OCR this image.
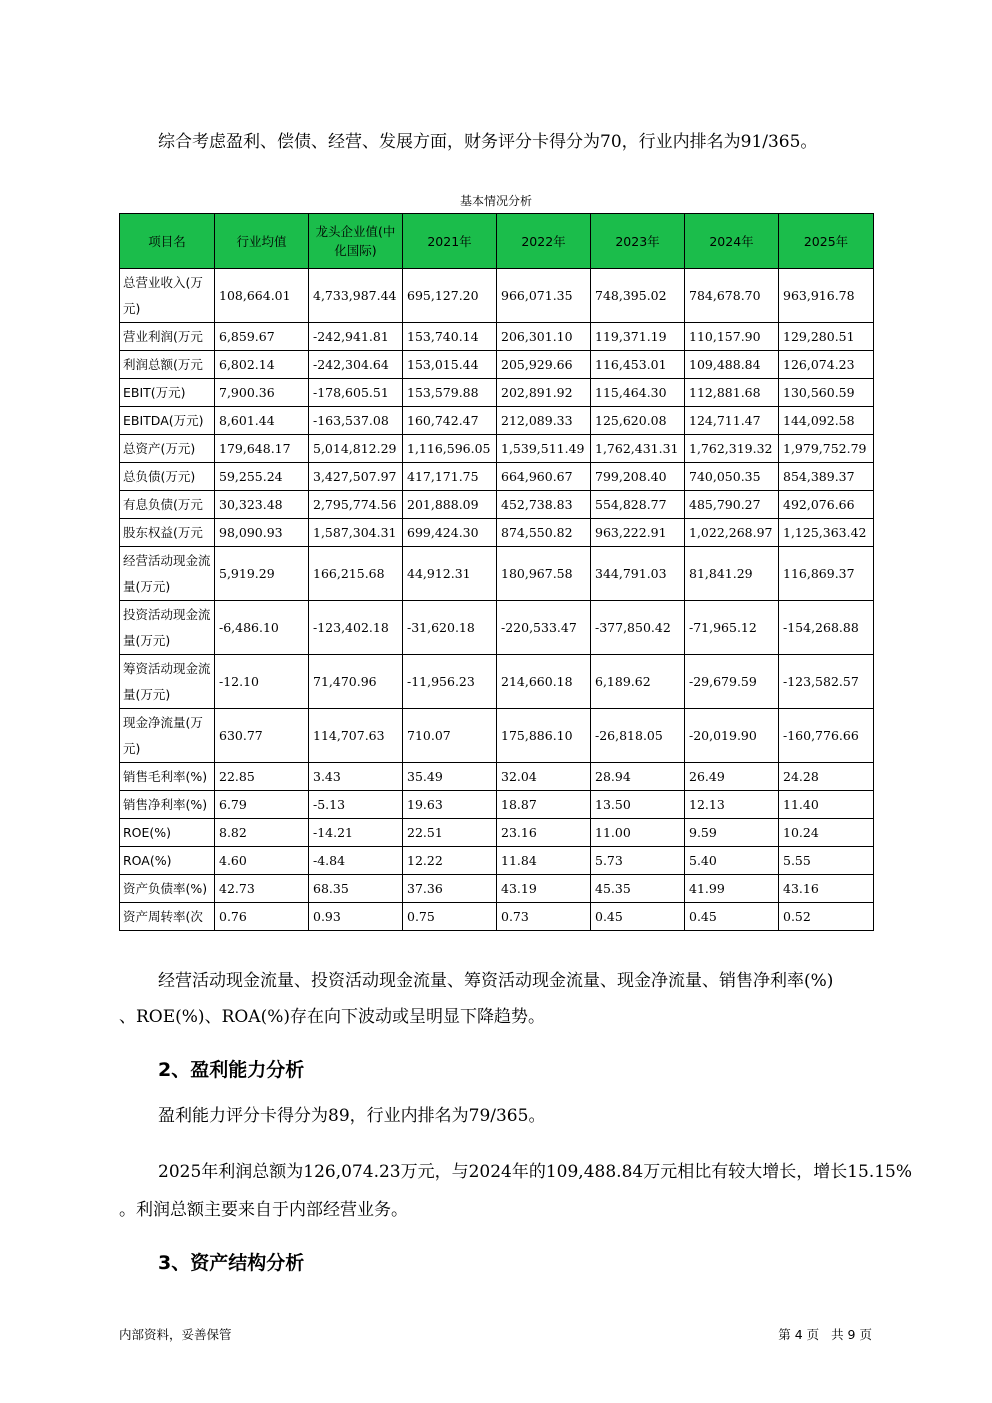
综合考虑盈利、偿债、经营、发展方面，财务评分卡得分为70，行业内排名为91/365。
基本情况分析
项目名	行业均值	龙头企业值(中化国际)	2021年	2022年	2023年	2024年	2025年
总营业收入(万元)	108,664.01	4,733,987.44	695,127.20	966,071.35	748,395.02	784,678.70	963,916.78
营业利润(万元	6,859.67	-242,941.81	153,740.14	206,301.10	119,371.19	110,157.90	129,280.51
利润总额(万元	6,802.14	-242,304.64	153,015.44	205,929.66	116,453.01	109,488.84	126,074.23
EBIT(万元)	7,900.36	-178,605.51	153,579.88	202,891.92	115,464.30	112,881.68	130,560.59
EBITDA(万元)	8,601.44	-163,537.08	160,742.47	212,089.33	125,620.08	124,711.47	144,092.58
总资产(万元)	179,648.17	5,014,812.29	1,116,596.05	1,539,511.49	1,762,431.31	1,762,319.32	1,979,752.79
总负债(万元)	59,255.24	3,427,507.97	417,171.75	664,960.67	799,208.40	740,050.35	854,389.37
有息负债(万元	30,323.48	2,795,774.56	201,888.09	452,738.83	554,828.77	485,790.27	492,076.66
股东权益(万元	98,090.93	1,587,304.31	699,424.30	874,550.82	963,222.91	1,022,268.97	1,125,363.42
经营活动现金流量(万元)	5,919.29	166,215.68	44,912.31	180,967.58	344,791.03	81,841.29	116,869.37
投资活动现金流量(万元)	-6,486.10	-123,402.18	-31,620.18	-220,533.47	-377,850.42	-71,965.12	-154,268.88
筹资活动现金流量(万元)	-12.10	71,470.96	-11,956.23	214,660.18	6,189.62	-29,679.59	-123,582.57
现金净流量(万元)	630.77	114,707.63	710.07	175,886.10	-26,818.05	-20,019.90	-160,776.66
销售毛利率(%)	22.85	3.43	35.49	32.04	28.94	26.49	24.28
销售净利率(%)	6.79	-5.13	19.63	18.87	13.50	12.13	11.40
ROE(%)	8.82	-14.21	22.51	23.16	11.00	9.59	10.24
ROA(%)	4.60	-4.84	12.22	11.84	5.73	5.40	5.55
资产负债率(%)	42.73	68.35	37.36	43.19	45.35	41.99	43.16
资产周转率(次	0.76	0.93	0.75	0.73	0.45	0.45	0.52
经营活动现金流量、投资活动现金流量、筹资活动现金流量、现金净流量、销售净利率(%)
、ROE(%)、ROA(%)存在向下波动或呈明显下降趋势。
2、盈利能力分析
盈利能力评分卡得分为89，行业内排名为79/365。
2025年利润总额为126,074.23万元，与2024年的109,488.84万元相比有较大增长，增长15.15%
。利润总额主要来自于内部经营业务。
3、资产结构分析
内部资料，妥善保管	第 4 页   共 9 页
